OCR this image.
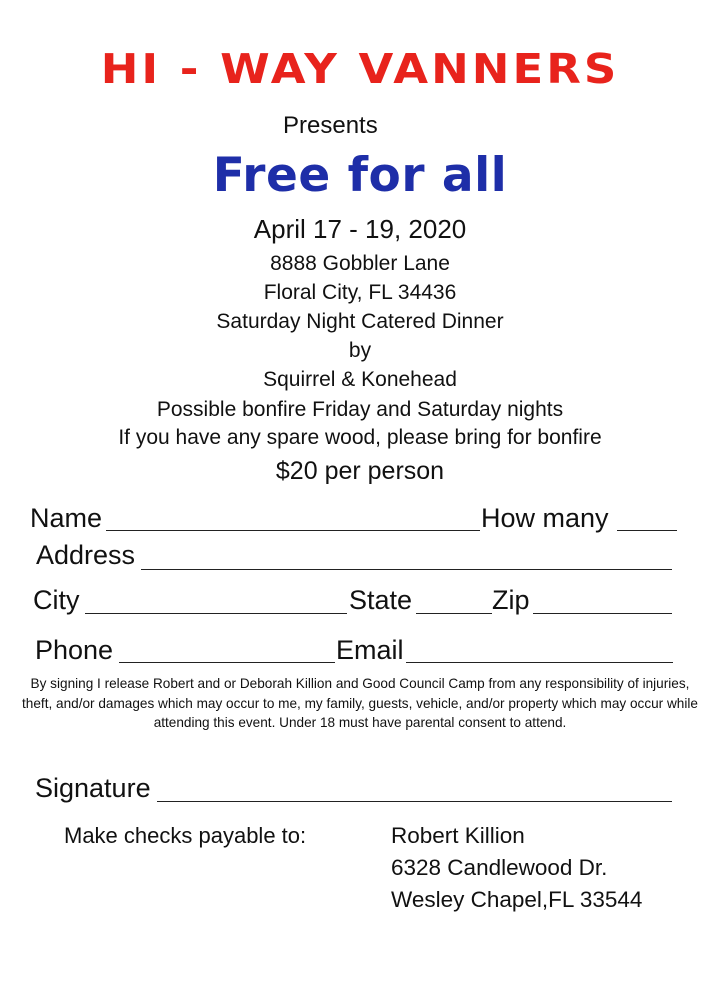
HI - WAY VANNERS
Presents
Free for all
April 17 - 19, 2020
8888 Gobbler Lane
Floral City, FL 34436
Saturday Night Catered Dinner
by
Squirrel & Konehead
Possible bonfire Friday and Saturday nights
If you have any spare wood, please bring for bonfire
$20 per person
Name	How many
Address
City	State	Zip
Phone	Email
By signing I release Robert and or Deborah Killion and Good Council Camp from any responsibility of injuries, theft, and/or damages which may occur to me, my family, guests, vehicle, and/or property which may occur while attending this event. Under 18 must have parental consent to attend.
Signature
Make checks payable to:	Robert Killion
6328 Candlewood Dr.
Wesley Chapel,FL 33544
